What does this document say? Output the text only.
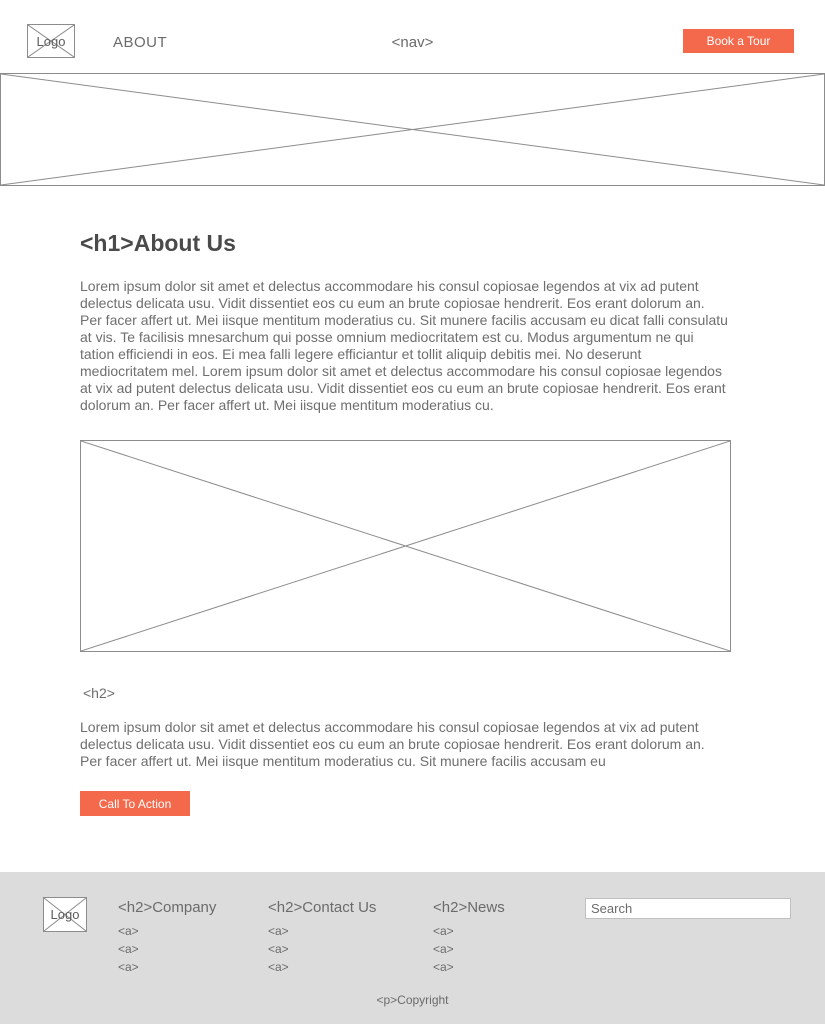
Logo	ABOUT	<nav>	Book a Tour
<h1>About Us
Lorem ipsum dolor sit amet et delectus accommodare his consul copiosae legendos at vix ad putent delectus delicata usu. Vidit dissentiet eos cu eum an brute copiosae hendrerit. Eos erant dolorum an. Per facer affert ut. Mei iisque mentitum moderatius cu. Sit munere facilis accusam eu dicat falli consulatu at vis. Te facilisis mnesarchum qui posse omnium mediocritatem est cu. Modus argumentum ne qui tation efficiendi in eos. Ei mea falli legere efficiantur et tollit aliquip debitis mei. No deserunt mediocritatem mel. Lorem ipsum dolor sit amet et delectus accommodare his consul copiosae legendos at vix ad putent delectus delicata usu. Vidit dissentiet eos cu eum an brute copiosae hendrerit. Eos erant dolorum an. Per facer affert ut. Mei iisque mentitum moderatius cu.
<h2>
Lorem ipsum dolor sit amet et delectus accommodare his consul copiosae legendos at vix ad putent delectus delicata usu. Vidit dissentiet eos cu eum an brute copiosae hendrerit. Eos erant dolorum an. Per facer affert ut. Mei iisque mentitum moderatius cu. Sit munere facilis accusam eu
Call To Action
Logo	<h2>Company
<a>
<a>
<a>
<h2>Contact Us
<a>
<a>
<a>
<h2>News
<a>
<a>
<a>
Search
<p>Copyright
